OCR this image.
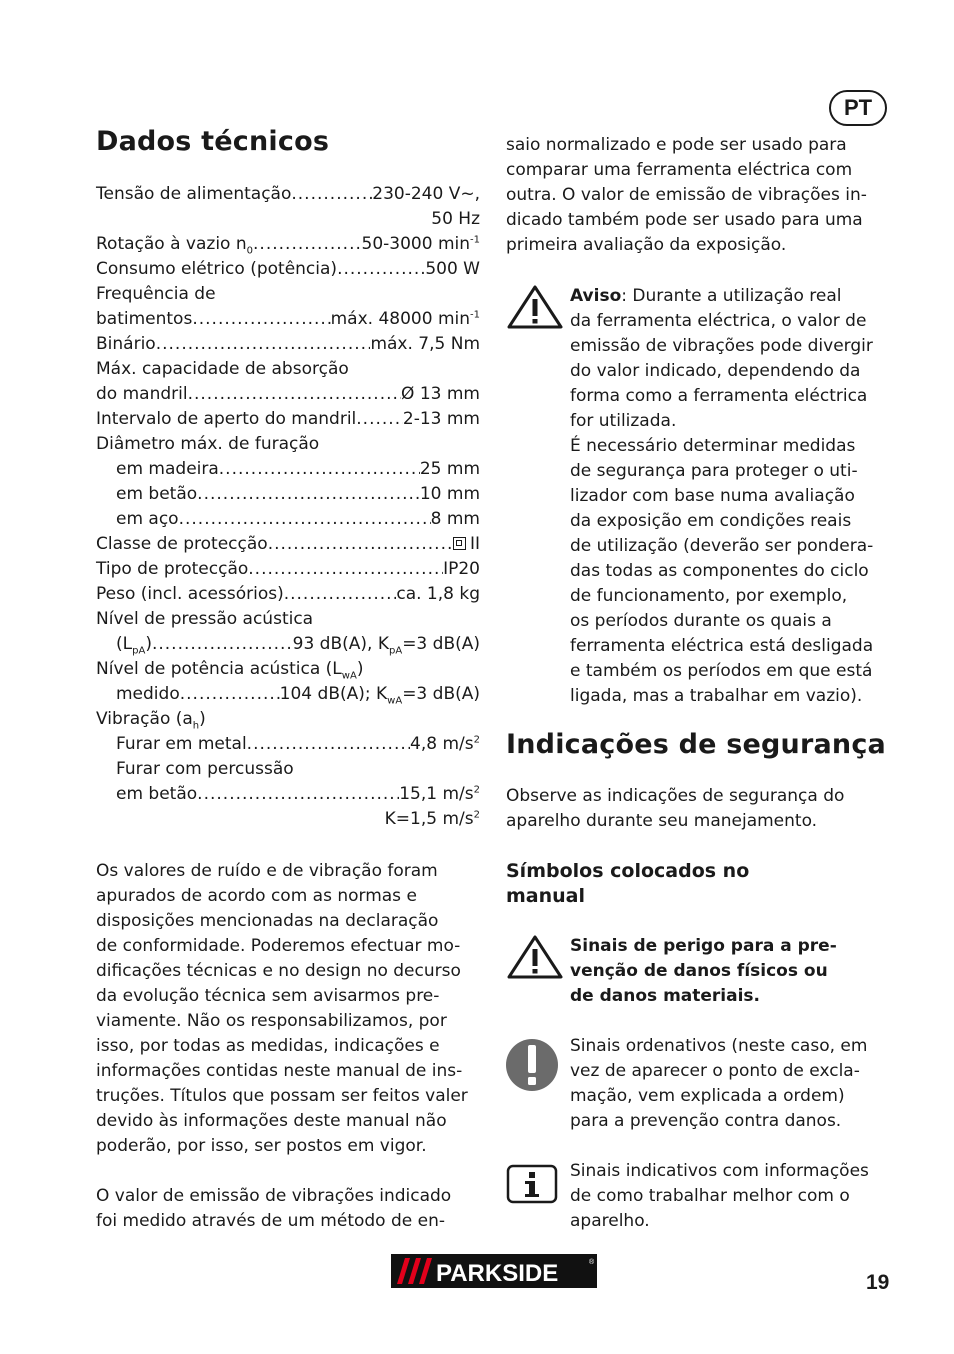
PT
Dados técnicos
Tensão de alimentação .....	230-240 V~,
50 Hz
Rotação à vazio $n_0$ .....	50-3000 $\min^{-1}$
Consumo elétrico (potência) .....	500 W
Frequência de
batimentos .....	máx. 48000 $\min^{-1}$
Binário .....	máx. 7,5 Nm
Máx. capacidade de absorção
do mandril .....	Ø 13 mm
Intervalo de aperto do mandril .....	2-13 mm
Diâmetro máx. de furação
em madeira .....	25 mm
em betão .....	10 mm
em aço .....	8 mm
Classe de protecção .....	II
Tipo de protecção .....	IP20
Peso (incl. acessórios) .....	ca. 1,8 kg
Nível de pressão acústica
$(L_{pA})$ .....	93 dB(A), $K_{pA}=3$ dB(A)
Nível de potência acústica $(L_{wA})$
medido .....	104 dB(A); $K_{wA}=3$ dB(A)
Vibração $(a_h)$
Furar em metal .....	4,8 $m/s^2$
Furar com percussão
em betão .....	15,1 $m/s^2$
K=1,5 $m/s^2$
Os valores de ruído e de vibração foram
apurados de acordo com as normas e
disposições mencionadas na declaração
de conformidade. Poderemos efectuar mo-
dificações técnicas e no design no decurso
da evolução técnica sem avisarmos pre-
viamente. Não os responsabilizamos, por
isso, por todas as medidas, indicações e
informações contidas neste manual de ins-
truções. Títulos que possam ser feitos valer
devido às informações deste manual não
poderão, por isso, ser postos em vigor.
O valor de emissão de vibrações indicado
foi medido através de um método de en-
saio normalizado e pode ser usado para
comparar uma ferramenta eléctrica com
outra. O valor de emissão de vibrações in-
dicado também pode ser usado para uma
primeira avaliação da exposição.
Aviso: Durante a utilização real
da ferramenta eléctrica, o valor de
emissão de vibrações pode divergir
do valor indicado, dependendo da
forma como a ferramenta eléctrica
for utilizada.
É necessário determinar medidas
de segurança para proteger o uti-
lizador com base numa avaliação
da exposição em condições reais
de utilização (deverão ser pondera-
das todas as componentes do ciclo
de funcionamento, por exemplo,
os períodos durante os quais a
ferramenta eléctrica está desligada
e também os períodos em que está
ligada, mas a trabalhar em vazio).
Indicações de segurança
Observe as indicações de segurança do
aparelho durante seu manejamento.
Símbolos colocados no
manual
Sinais de perigo para a pre-
venção de danos físicos ou
de danos materiais.
Sinais ordenativos (neste caso, em
vez de aparecer o ponto de excla-
mação, vem explicada a ordem)
para a prevenção contra danos.
Sinais indicativos com informações
de como trabalhar melhor com o
aparelho.
PARKSIDE	®
19
